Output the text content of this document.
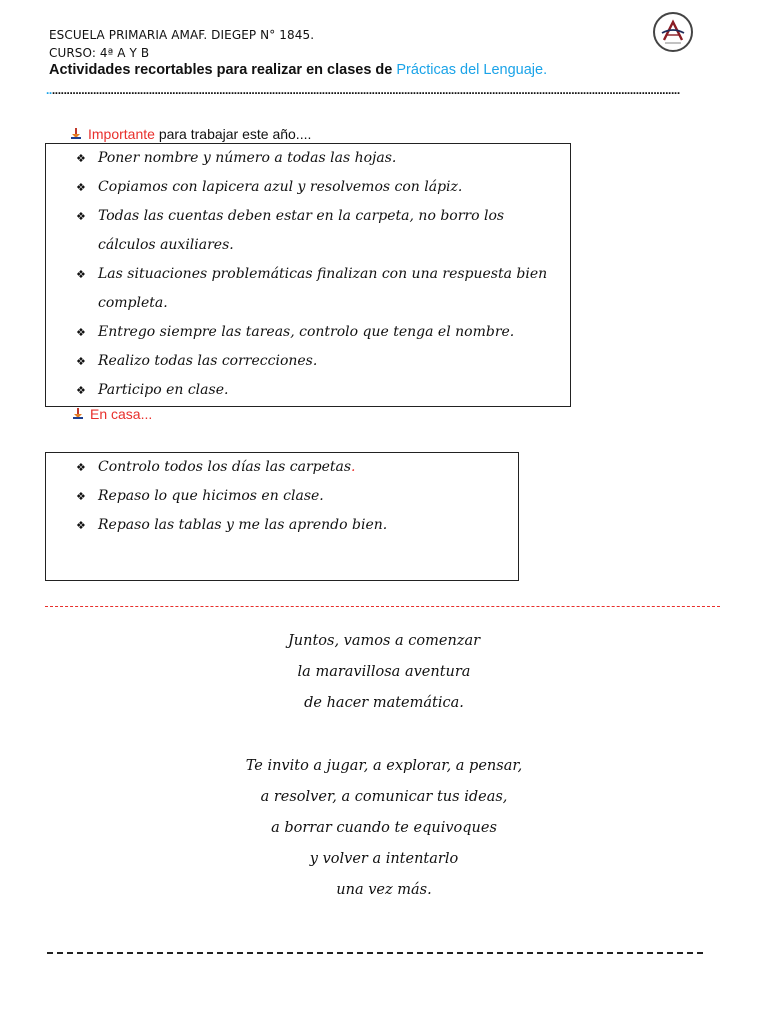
ESCUELA PRIMARIA AMAF. DIEGEP N° 1845.
CURSO: 4ª A Y B
Actividades recortables para realizar en clases de Prácticas del Lenguaje.
........................................................................................................................................................................................................................
Importante para trabajar este año....
❖ Poner nombre y número a todas las hojas.
❖ Copiamos con lapicera azul y resolvemos con lápiz.
❖ Todas las cuentas deben estar en la carpeta, no borro los cálculos auxiliares.
❖ Las situaciones problemáticas finalizan con una respuesta bien completa.
❖ Entrego siempre las tareas, controlo que tenga el nombre.
❖ Realizo todas las correcciones.
❖ Participo en clase.
En casa...
❖ Controlo todos los días las carpetas.
❖ Repaso lo que hicimos en clase.
❖ Repaso las tablas y me las aprendo bien.
Juntos, vamos a comenzar
la maravillosa aventura
de hacer matemática.
Te invito a jugar, a explorar, a pensar,
a resolver, a comunicar tus ideas,
a borrar cuando te equivoques
y volver a intentarlo
una vez más.
